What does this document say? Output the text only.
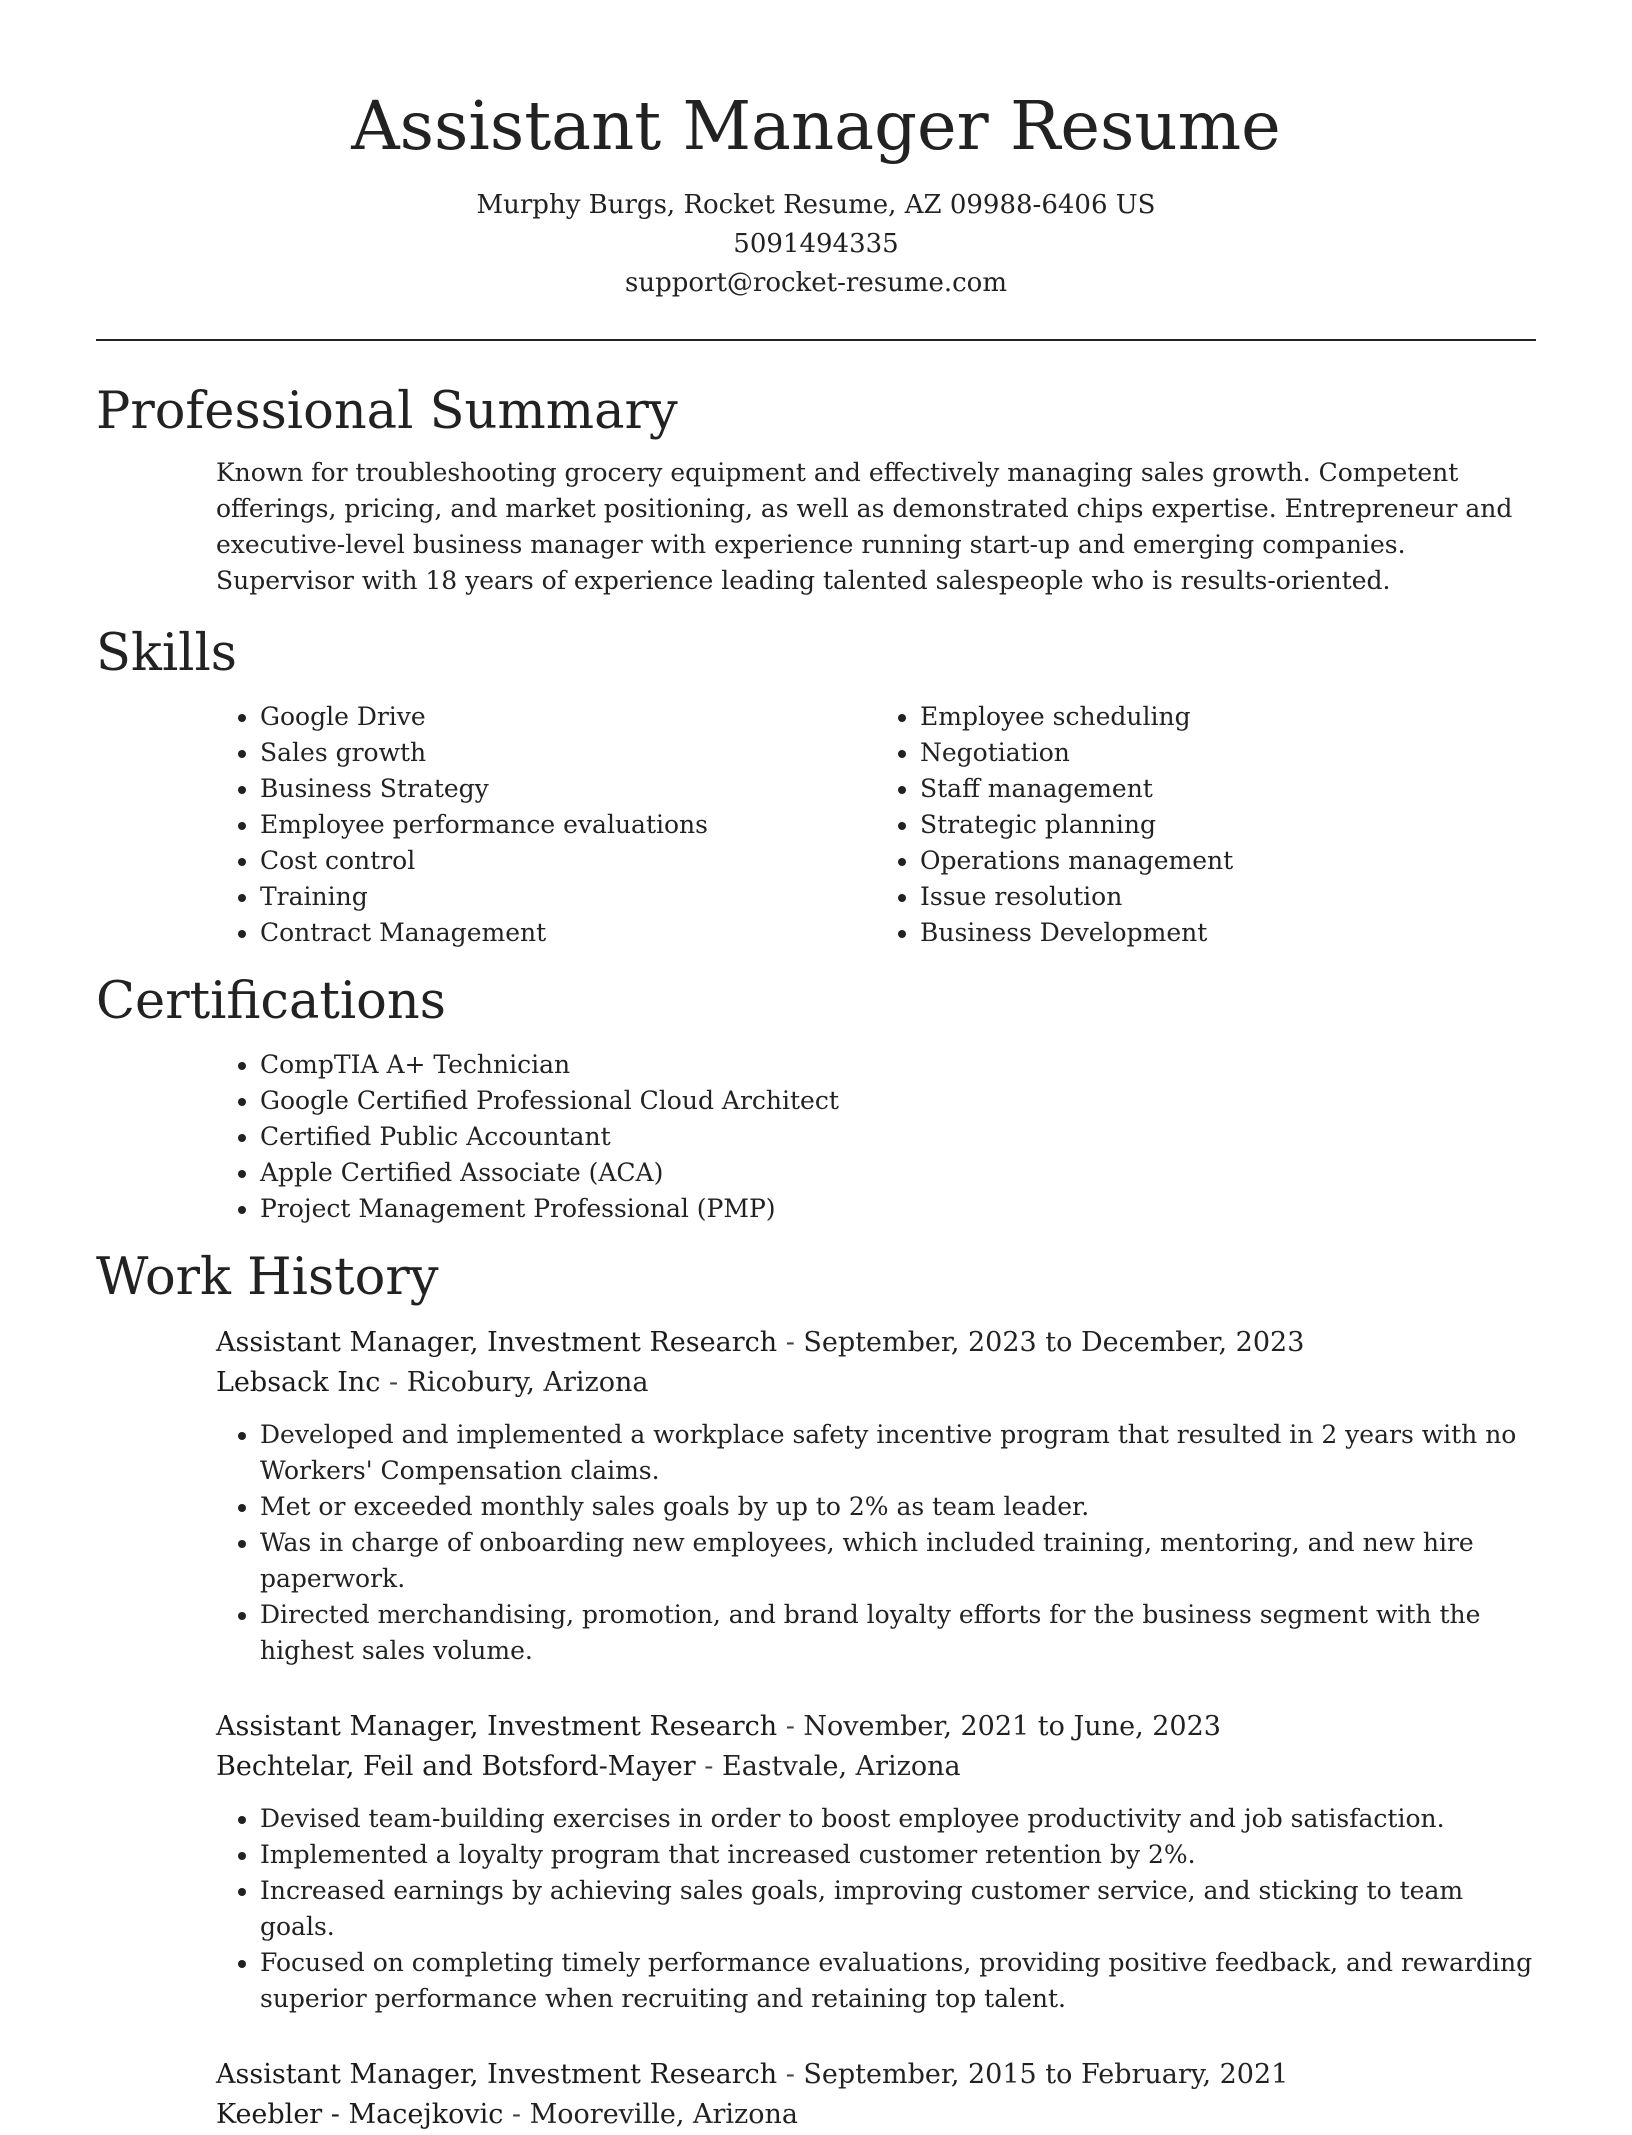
Assistant Manager Resume
Murphy Burgs, Rocket Resume, AZ 09988-6406 US
5091494335
support@rocket-resume.com
Professional Summary

Known for troubleshooting grocery equipment and effectively managing sales growth. Competent offerings, pricing, and market positioning, as well as demonstrated chips expertise. Entrepreneur and executive-level business manager with experience running start-up and emerging companies. Supervisor with 18 years of experience leading talented salespeople who is results-oriented.

Skills
• Google Drive
• Sales growth
• Business Strategy
• Employee performance evaluations
• Cost control
• Training
• Contract Management
• Employee scheduling
• Negotiation
• Staff management
• Strategic planning
• Operations management
• Issue resolution
• Business Development
Certifications
• CompTIA A+ Technician
• Google Certified Professional Cloud Architect
• Certified Public Accountant
• Apple Certified Associate (ACA)
• Project Management Professional (PMP)
Work History
Assistant Manager, Investment Research - September, 2023 to December, 2023
Lebsack Inc - Ricobury, Arizona
• Developed and implemented a workplace safety incentive program that resulted in 2 years with no Workers' Compensation claims.
• Met or exceeded monthly sales goals by up to 2% as team leader.
• Was in charge of onboarding new employees, which included training, mentoring, and new hire paperwork.
• Directed merchandising, promotion, and brand loyalty efforts for the business segment with the highest sales volume.
Assistant Manager, Investment Research - November, 2021 to June, 2023
Bechtelar, Feil and Botsford-Mayer - Eastvale, Arizona
• Devised team-building exercises in order to boost employee productivity and job satisfaction.
• Implemented a loyalty program that increased customer retention by 2%.
• Increased earnings by achieving sales goals, improving customer service, and sticking to team goals.
• Focused on completing timely performance evaluations, providing positive feedback, and rewarding superior performance when recruiting and retaining top talent.
Assistant Manager, Investment Research - September, 2015 to February, 2021
Keebler - Macejkovic - Mooreville, Arizona
